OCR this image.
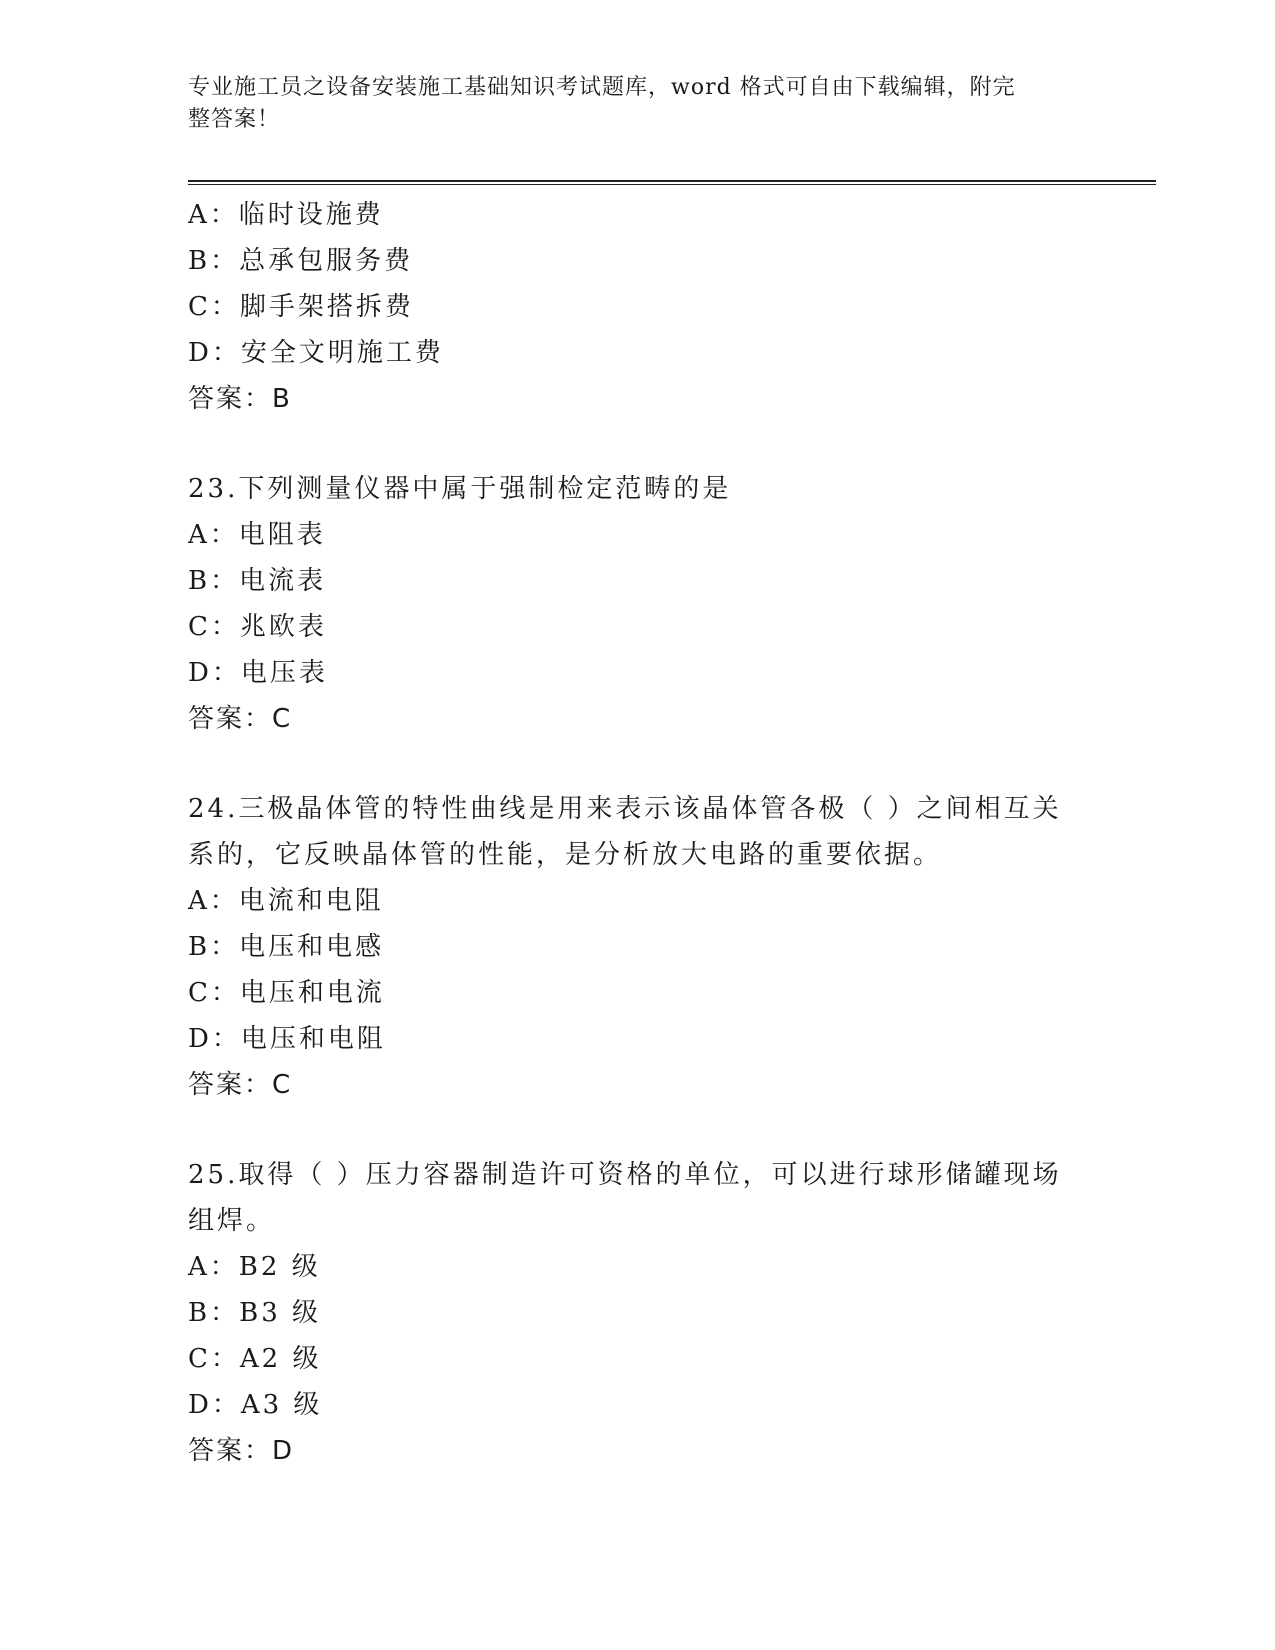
专业施工员之设备安装施工基础知识考试题库，word 格式可自由下载编辑，附完
整答案！
A：临时设施费
B：总承包服务费
C：脚手架搭拆费
D：安全文明施工费
答案：B
23.下列测量仪器中属于强制检定范畴的是
A：电阻表
B：电流表
C：兆欧表
D：电压表
答案：C
24.三极晶体管的特性曲线是用来表示该晶体管各极（ ）之间相互关
系的，它反映晶体管的性能，是分析放大电路的重要依据。
A：电流和电阻
B：电压和电感
C：电压和电流
D：电压和电阻
答案：C
25.取得（ ）压力容器制造许可资格的单位，可以进行球形储罐现场
组焊。
A：B2 级
B：B3 级
C：A2 级
D：A3 级
答案：D
